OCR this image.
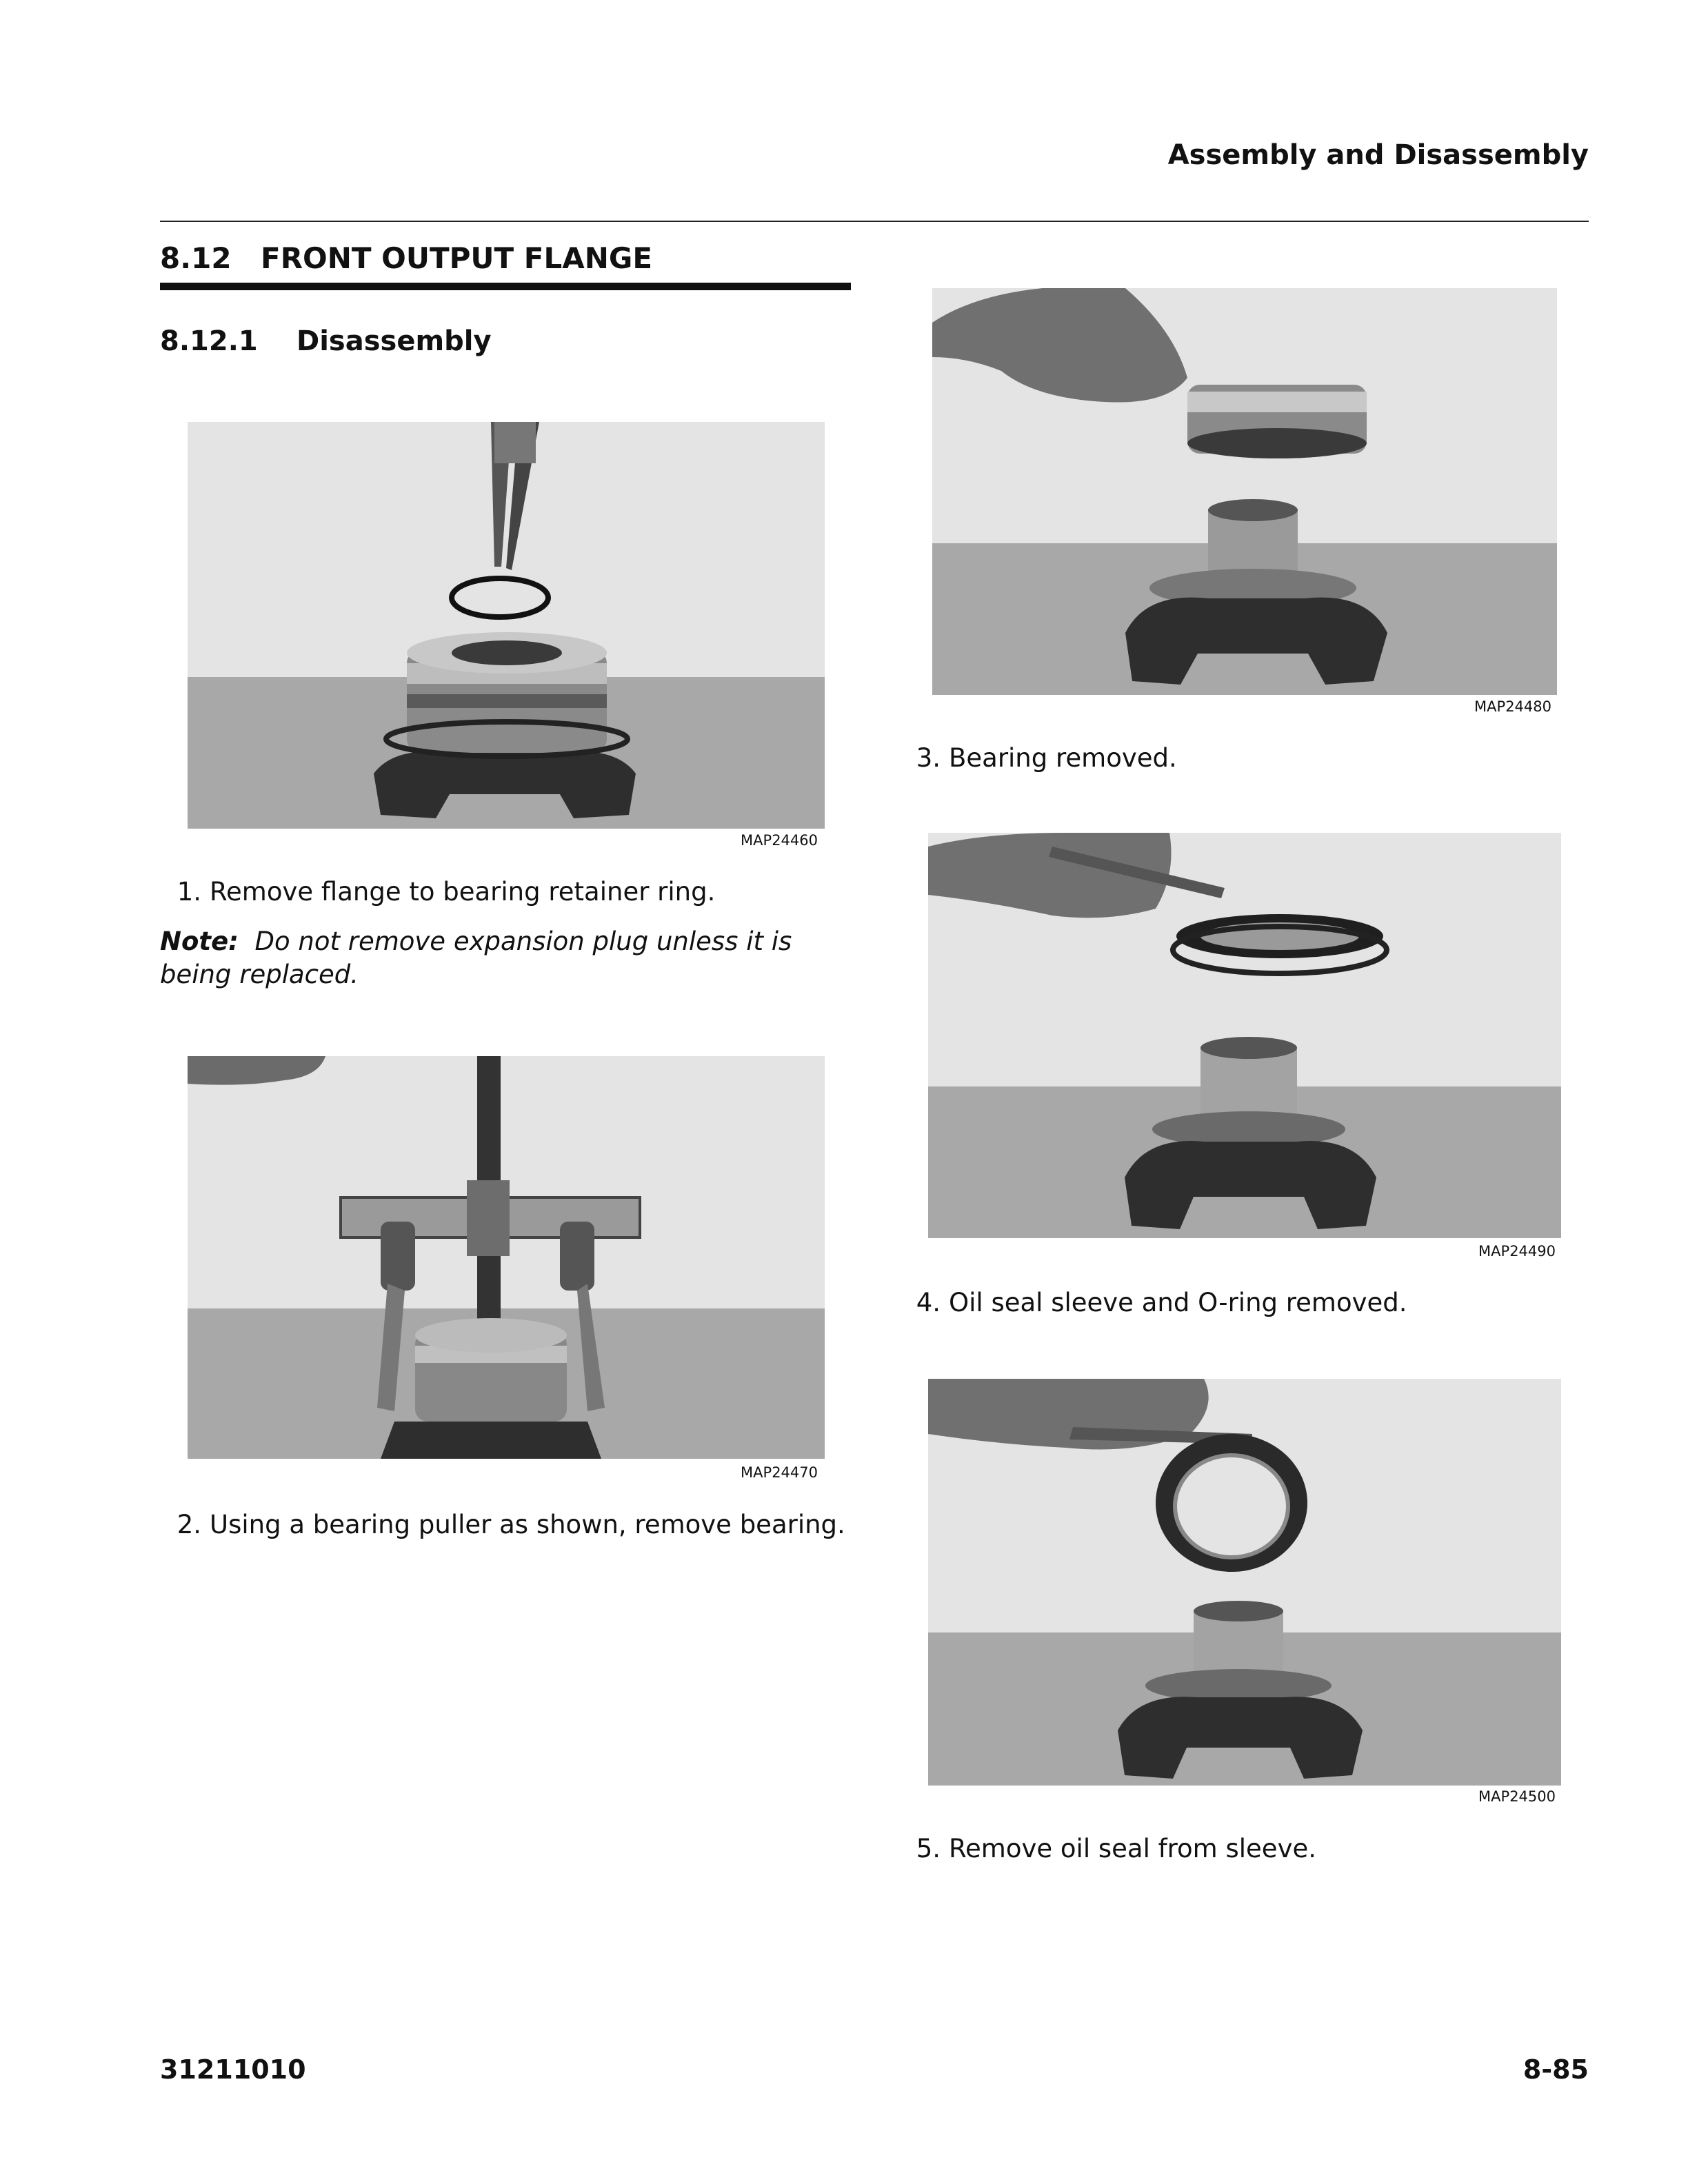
Assembly and Disassembly
8.12 FRONT OUTPUT FLANGE
8.12.1 Disassembly
MAP24460
1. Remove flange to bearing retainer ring.
Note: Do not remove expansion plug unless it is being replaced.
MAP24470
2. Using a bearing puller as shown, remove bearing.
MAP24480
3. Bearing removed.
MAP24490
4. Oil seal sleeve and O-ring removed.
MAP24500
5. Remove oil seal from sleeve.
31211010	8-85
